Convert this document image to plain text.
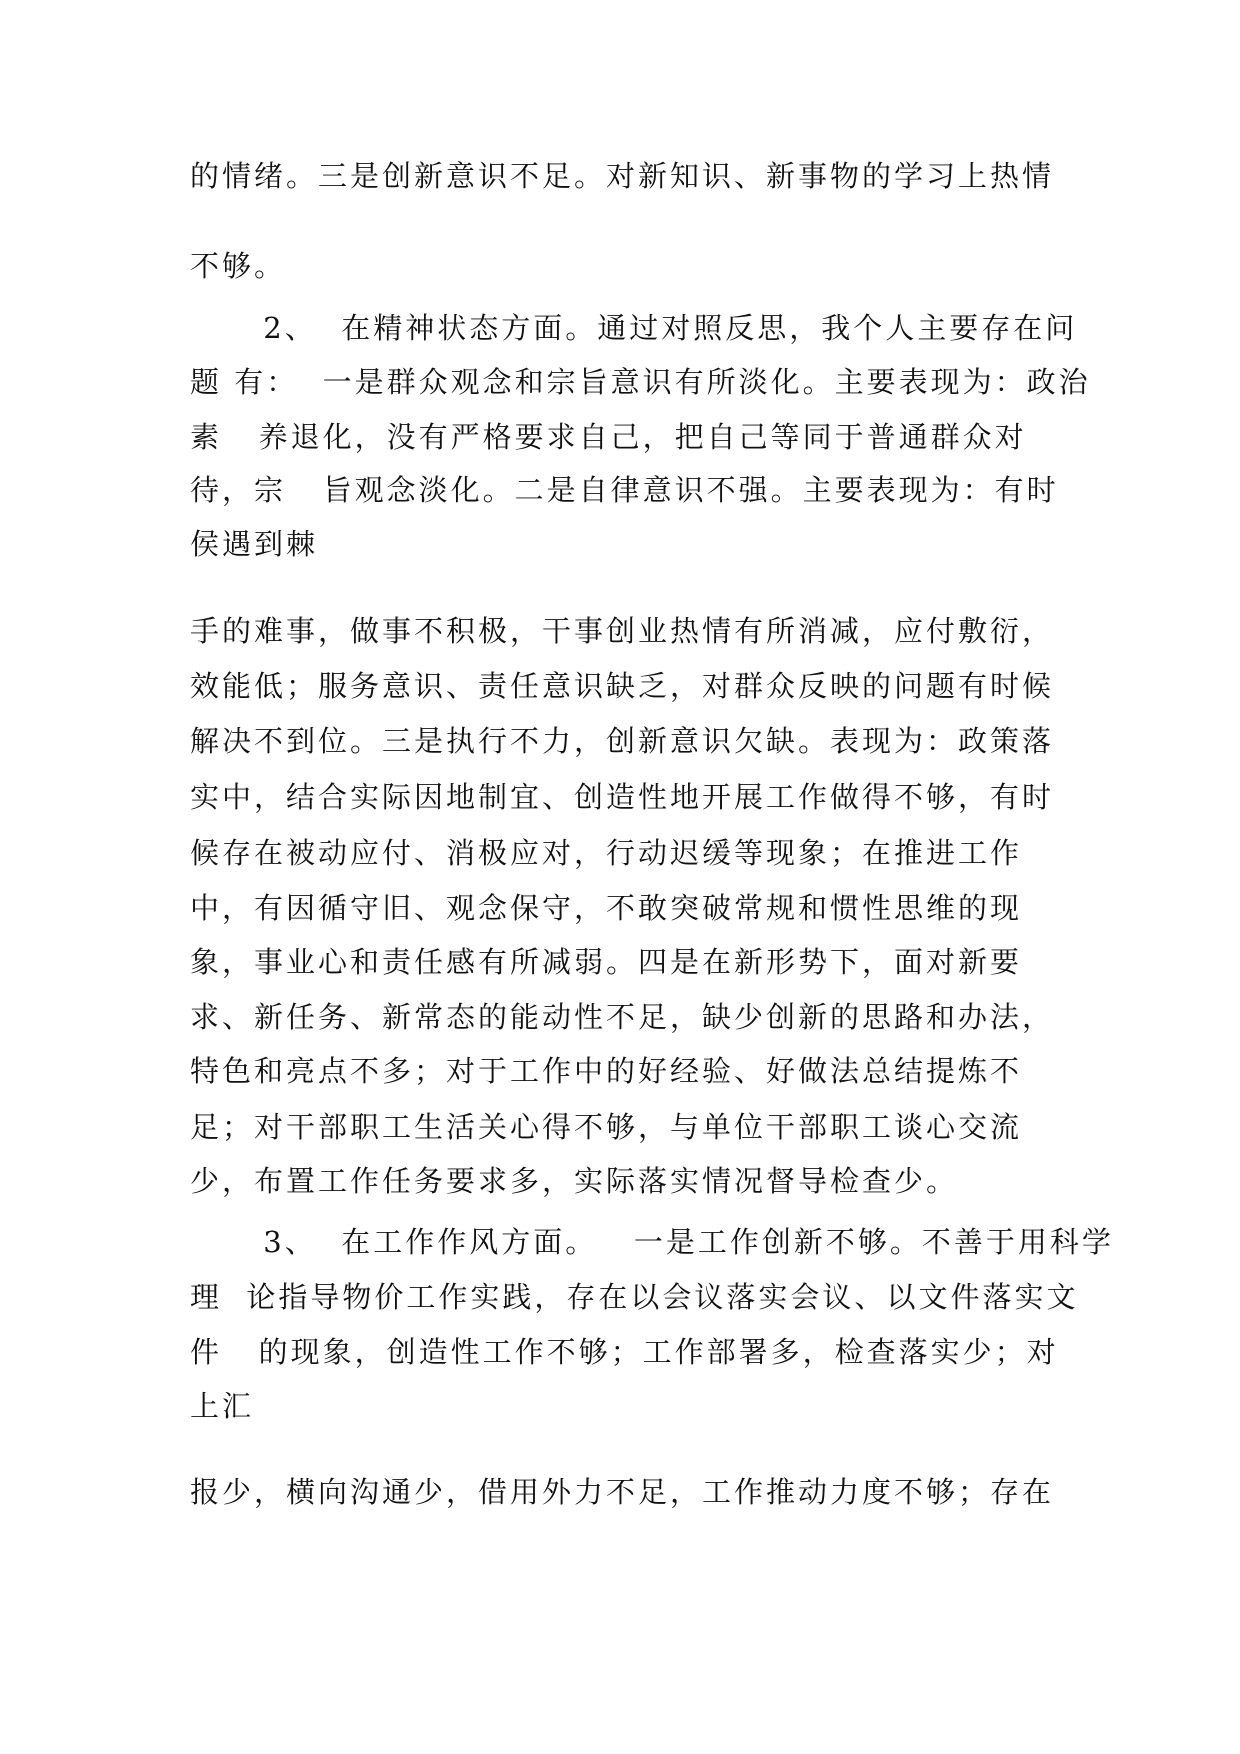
的情绪。三是创新意识不足。对新知识、新事物的学习上热情
不够。
2、  在精神状态方面。通过对照反思，我个人主要存在问
题 有：  一是群众观念和宗旨意识有所淡化。主要表现为：政治
素   养退化，没有严格要求自己，把自己等同于普通群众对
待，宗   旨观念淡化。二是自律意识不强。主要表现为：有时
侯遇到棘
手的难事，做事不积极，干事创业热情有所消减，应付敷衍，
效能低；服务意识、责任意识缺乏，对群众反映的问题有时候
解决不到位。三是执行不力，创新意识欠缺。表现为：政策落
实中，结合实际因地制宜、创造性地开展工作做得不够，有时
候存在被动应付、消极应对，行动迟缓等现象；在推进工作
中，有因循守旧、观念保守，不敢突破常规和惯性思维的现
象，事业心和责任感有所减弱。四是在新形势下，面对新要
求、新任务、新常态的能动性不足，缺少创新的思路和办法，
特色和亮点不多；对于工作中的好经验、好做法总结提炼不
足；对干部职工生活关心得不够，与单位干部职工谈心交流
少，布置工作任务要求多，实际落实情况督导检查少。
3、  在工作作风方面。   一是工作创新不够。不善于用科学
理  论指导物价工作实践，存在以会议落实会议、以文件落实文
件   的现象，创造性工作不够；工作部署多，检查落实少；对
上汇
报少，横向沟通少，借用外力不足，工作推动力度不够；存在
